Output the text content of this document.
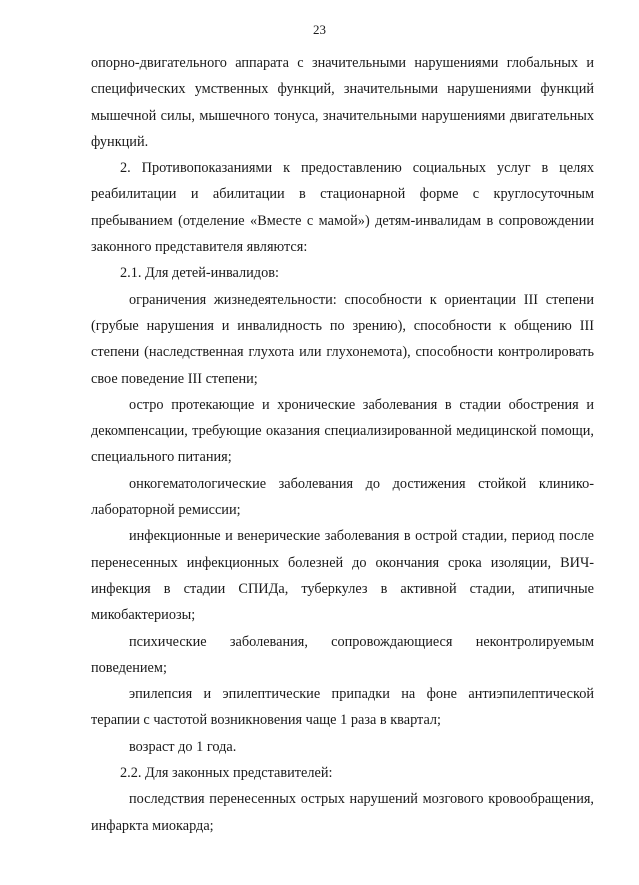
23

опорно-двигательного аппарата с значительными нарушениями глобальных и специфических умственных функций, значительными нарушениями функций мышечной силы, мышечного тонуса, значительными нарушениями двигательных функций.

2. Противопоказаниями к предоставлению социальных услуг в целях реабилитации и абилитации в стационарной форме с круглосуточным пребыванием (отделение «Вместе с мамой») детям-инвалидам в сопровождении законного представителя являются:

2.1. Для детей-инвалидов:

ограничения жизнедеятельности: способности к ориентации III степени (грубые нарушения и инвалидность по зрению), способности к общению III степени (наследственная глухота или глухонемота), способности контролировать свое поведение III степени;

остро протекающие и хронические заболевания в стадии обострения и декомпенсации, требующие оказания специализированной медицинской помощи, специального питания;

онкогематологические заболевания до достижения стойкой клинико-лабораторной ремиссии;

инфекционные и венерические заболевания в острой стадии, период после перенесенных инфекционных болезней до окончания срока изоляции, ВИЧ-инфекция в стадии СПИДа, туберкулез в активной стадии, атипичные микобактериозы;

психические заболевания, сопровождающиеся неконтролируемым поведением;

эпилепсия и эпилептические припадки на фоне антиэпилептической терапии с частотой возникновения чаще 1 раза в квартал;

возраст до 1 года.

2.2. Для законных представителей:

последствия перенесенных острых нарушений мозгового кровообращения, инфаркта миокарда;
